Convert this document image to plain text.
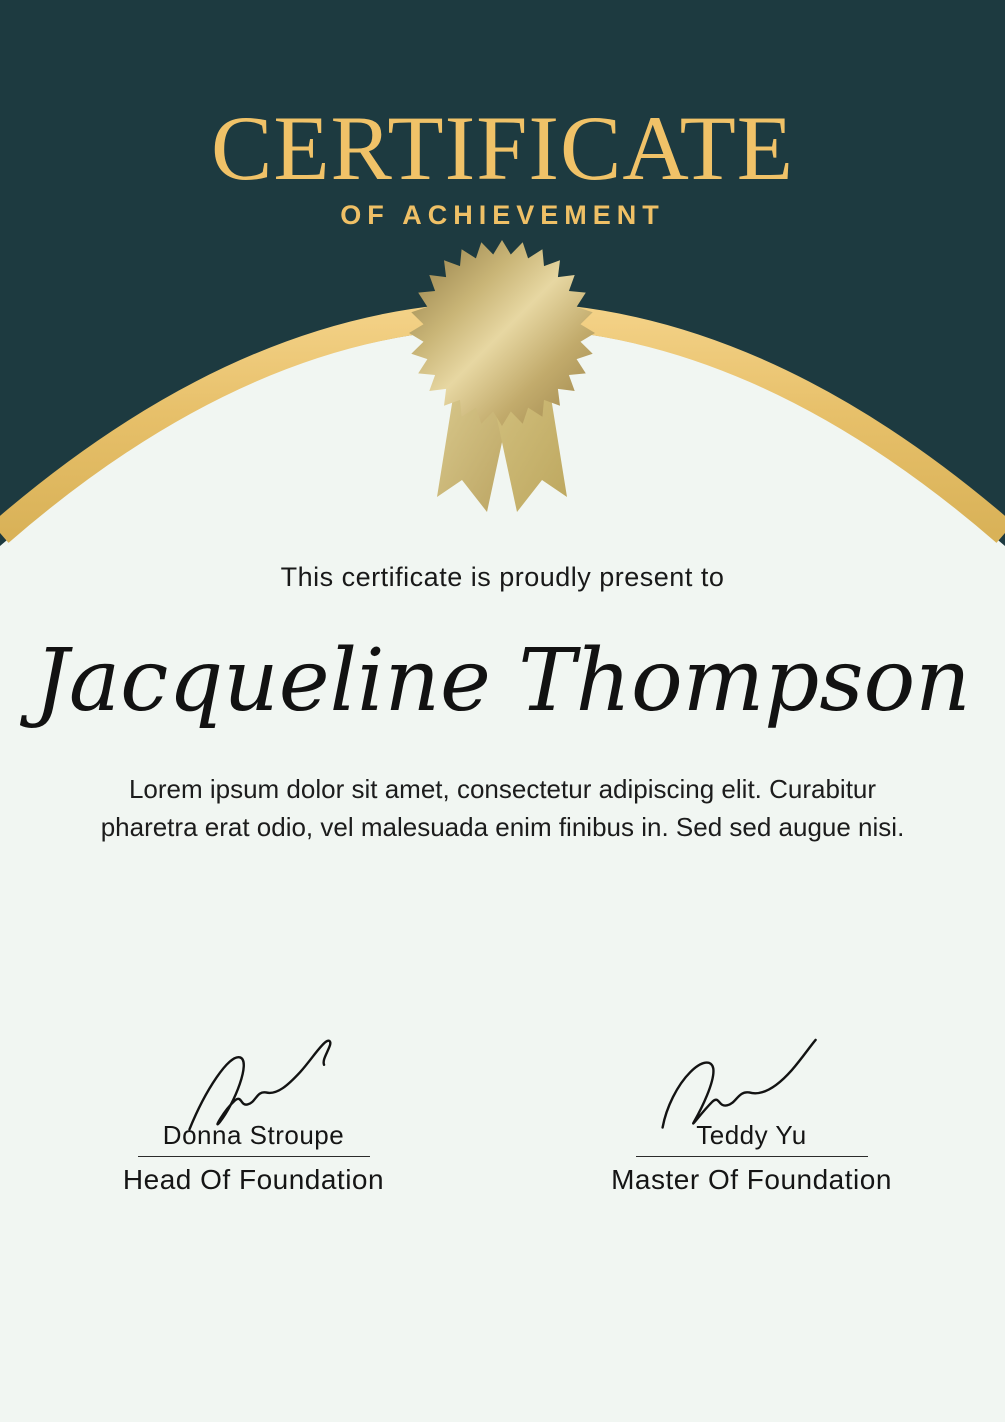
CERTIFICATE
OF ACHIEVEMENT
This certificate is proudly present to
Jacqueline Thompson

Lorem ipsum dolor sit amet, consectetur adipiscing elit. Curabitur pharetra erat odio, vel malesuada enim finibus in. Sed sed augue nisi.

Donna Stroupe
Head Of Foundation
Teddy Yu
Master Of Foundation
